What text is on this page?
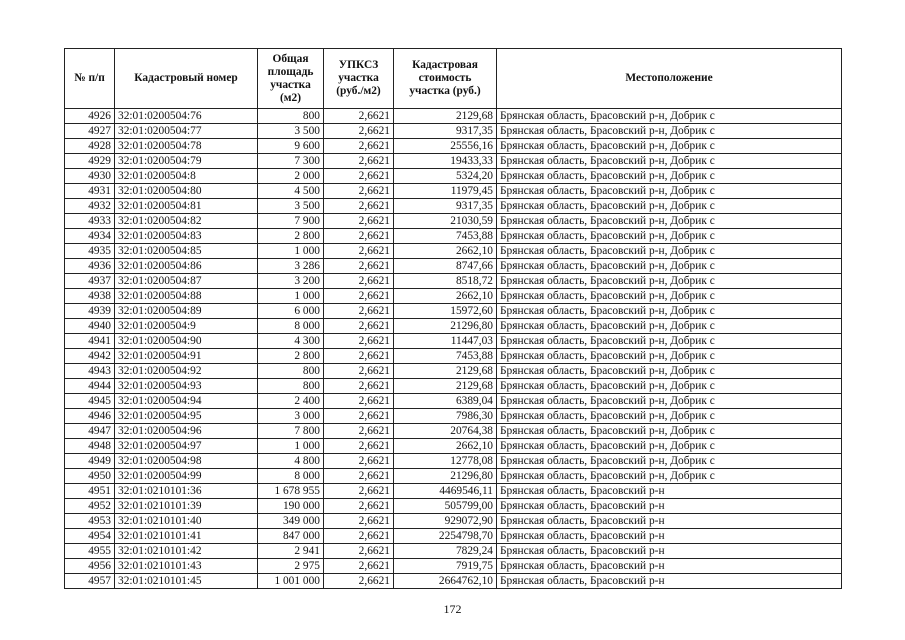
№ п/п	Кадастровый номер	Общая площадь участка (м2)	УПКСЗ участка (руб./м2)	Кадастровая стоимость участка (руб.)	Местоположение
4926	32:01:0200504:76	800	2,6621	2129,68	Брянская область, Брасовский р-н, Добрик с
4927	32:01:0200504:77	3 500	2,6621	9317,35	Брянская область, Брасовский р-н, Добрик с
4928	32:01:0200504:78	9 600	2,6621	25556,16	Брянская область, Брасовский р-н, Добрик с
4929	32:01:0200504:79	7 300	2,6621	19433,33	Брянская область, Брасовский р-н, Добрик с
4930	32:01:0200504:8	2 000	2,6621	5324,20	Брянская область, Брасовский р-н, Добрик с
4931	32:01:0200504:80	4 500	2,6621	11979,45	Брянская область, Брасовский р-н, Добрик с
4932	32:01:0200504:81	3 500	2,6621	9317,35	Брянская область, Брасовский р-н, Добрик с
4933	32:01:0200504:82	7 900	2,6621	21030,59	Брянская область, Брасовский р-н, Добрик с
4934	32:01:0200504:83	2 800	2,6621	7453,88	Брянская область, Брасовский р-н, Добрик с
4935	32:01:0200504:85	1 000	2,6621	2662,10	Брянская область, Брасовский р-н, Добрик с
4936	32:01:0200504:86	3 286	2,6621	8747,66	Брянская область, Брасовский р-н, Добрик с
4937	32:01:0200504:87	3 200	2,6621	8518,72	Брянская область, Брасовский р-н, Добрик с
4938	32:01:0200504:88	1 000	2,6621	2662,10	Брянская область, Брасовский р-н, Добрик с
4939	32:01:0200504:89	6 000	2,6621	15972,60	Брянская область, Брасовский р-н, Добрик с
4940	32:01:0200504:9	8 000	2,6621	21296,80	Брянская область, Брасовский р-н, Добрик с
4941	32:01:0200504:90	4 300	2,6621	11447,03	Брянская область, Брасовский р-н, Добрик с
4942	32:01:0200504:91	2 800	2,6621	7453,88	Брянская область, Брасовский р-н, Добрик с
4943	32:01:0200504:92	800	2,6621	2129,68	Брянская область, Брасовский р-н, Добрик с
4944	32:01:0200504:93	800	2,6621	2129,68	Брянская область, Брасовский р-н, Добрик с
4945	32:01:0200504:94	2 400	2,6621	6389,04	Брянская область, Брасовский р-н, Добрик с
4946	32:01:0200504:95	3 000	2,6621	7986,30	Брянская область, Брасовский р-н, Добрик с
4947	32:01:0200504:96	7 800	2,6621	20764,38	Брянская область, Брасовский р-н, Добрик с
4948	32:01:0200504:97	1 000	2,6621	2662,10	Брянская область, Брасовский р-н, Добрик с
4949	32:01:0200504:98	4 800	2,6621	12778,08	Брянская область, Брасовский р-н, Добрик с
4950	32:01:0200504:99	8 000	2,6621	21296,80	Брянская область, Брасовский р-н, Добрик с
4951	32:01:0210101:36	1 678 955	2,6621	4469546,11	Брянская область, Брасовский р-н
4952	32:01:0210101:39	190 000	2,6621	505799,00	Брянская область, Брасовский р-н
4953	32:01:0210101:40	349 000	2,6621	929072,90	Брянская область, Брасовский р-н
4954	32:01:0210101:41	847 000	2,6621	2254798,70	Брянская область, Брасовский р-н
4955	32:01:0210101:42	2 941	2,6621	7829,24	Брянская область, Брасовский р-н
4956	32:01:0210101:43	2 975	2,6621	7919,75	Брянская область, Брасовский р-н
4957	32:01:0210101:45	1 001 000	2,6621	2664762,10	Брянская область, Брасовский р-н
172
